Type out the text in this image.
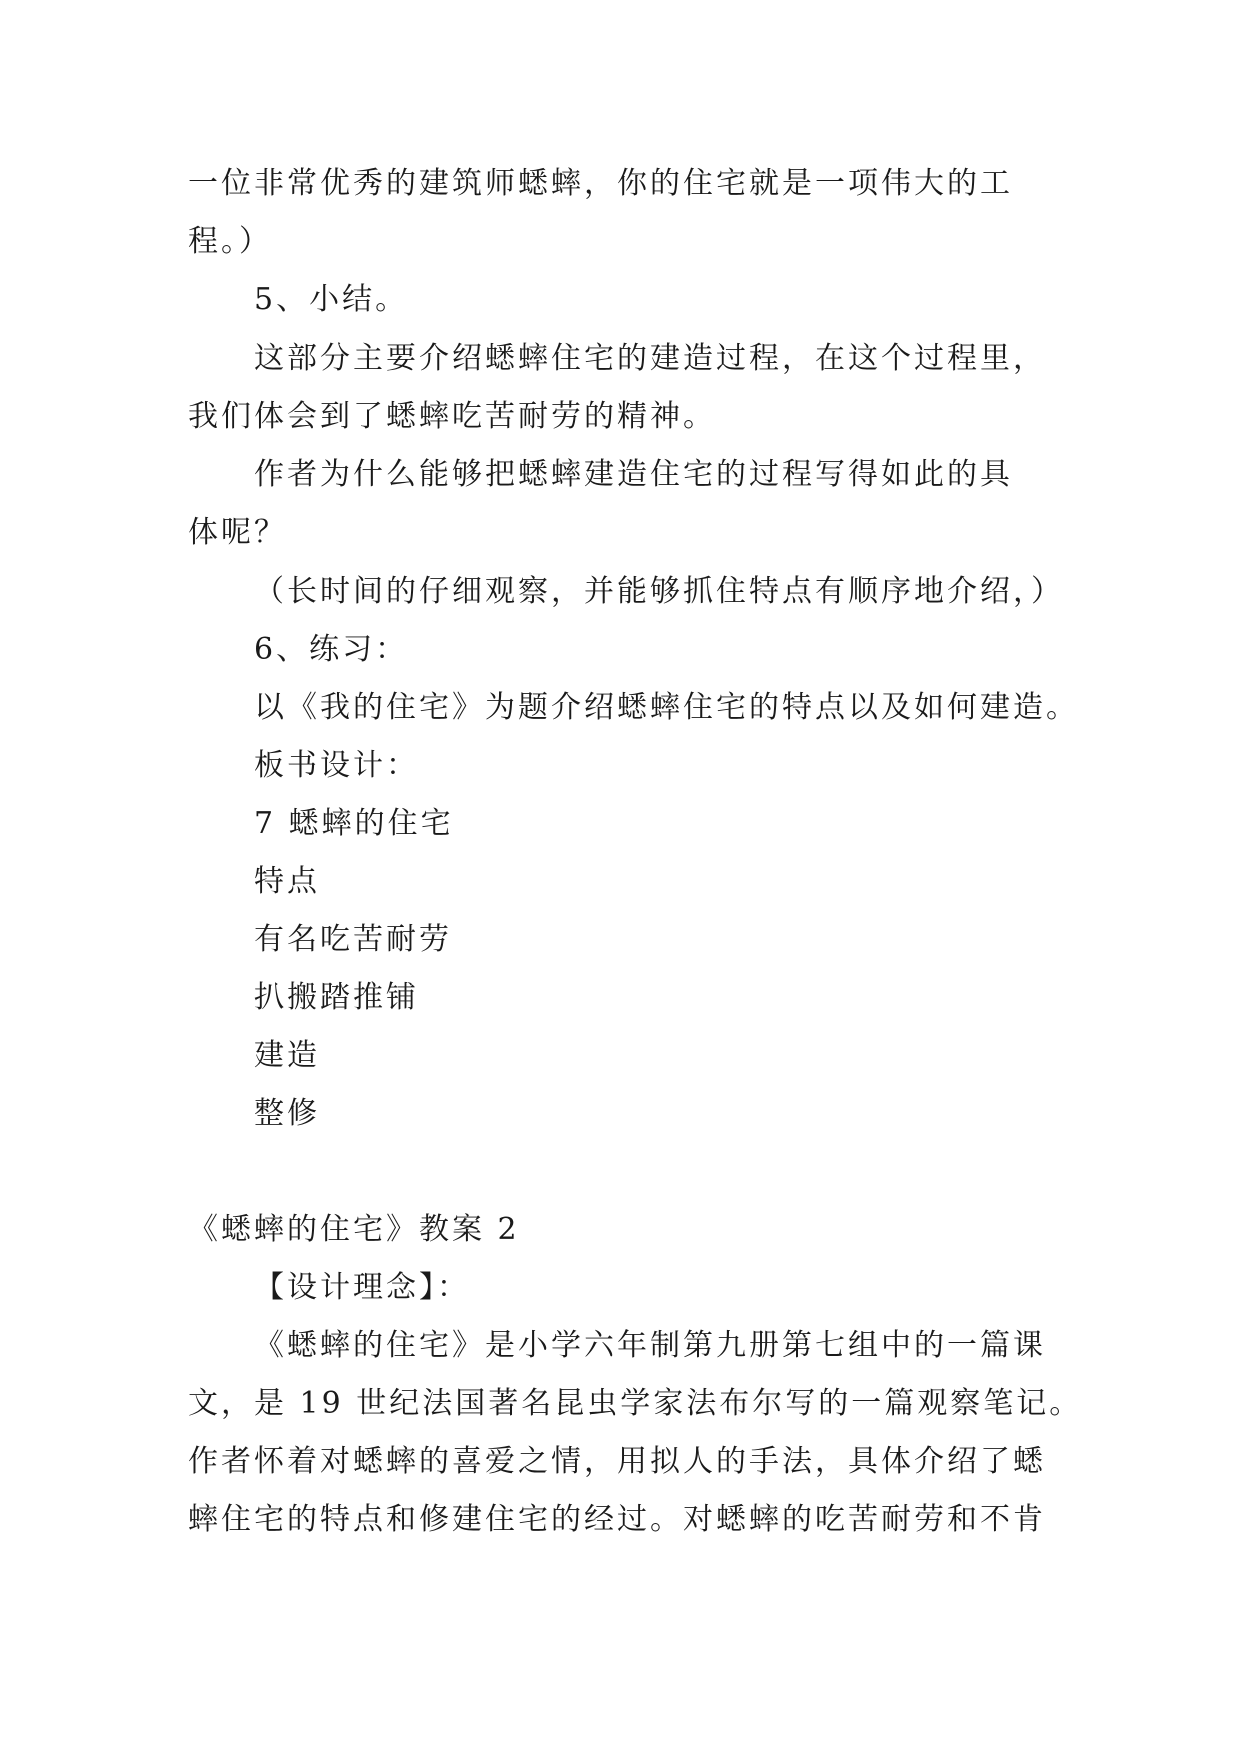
一位非常优秀的建筑师蟋蟀，你的住宅就是一项伟大的工
程。）
5、小结。
这部分主要介绍蟋蟀住宅的建造过程，在这个过程里，
我们体会到了蟋蟀吃苦耐劳的精神。
作者为什么能够把蟋蟀建造住宅的过程写得如此的具
体呢？
（长时间的仔细观察，并能够抓住特点有顺序地介绍，）
6、练习：
以《我的住宅》为题介绍蟋蟀住宅的特点以及如何建造。
板书设计：
7 蟋蟀的住宅
特点
有名吃苦耐劳
扒搬踏推铺
建造
整修
《蟋蟀的住宅》教案 2
【设计理念】：
《蟋蟀的住宅》是小学六年制第九册第七组中的一篇课
文，是 19 世纪法国著名昆虫学家法布尔写的一篇观察笔记。
作者怀着对蟋蟀的喜爱之情，用拟人的手法，具体介绍了蟋
蟀住宅的特点和修建住宅的经过。对蟋蟀的吃苦耐劳和不肯
